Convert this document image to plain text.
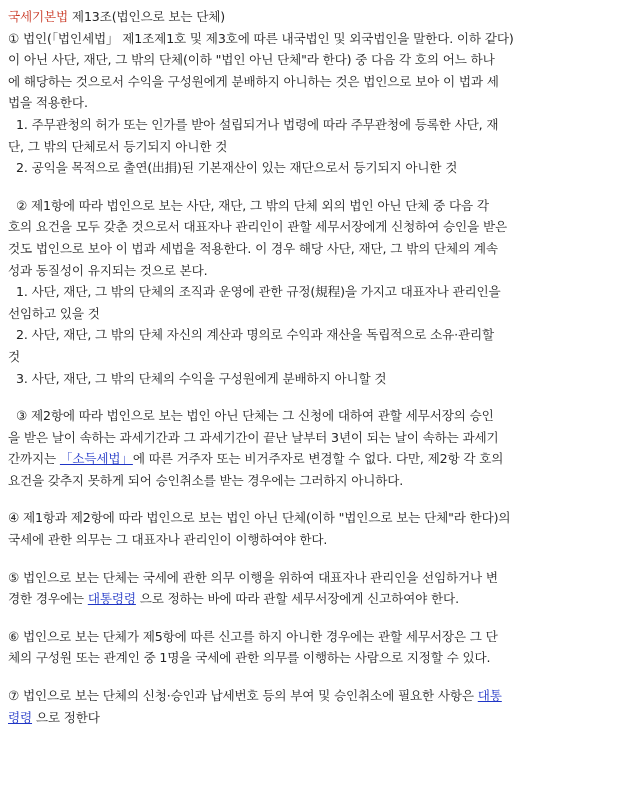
국세기본법 제13조(법인으로 보는 단체)
① 법인(「법인세법」 제1조제1호 및 제3호에 따른 내국법인 및 외국법인을 말한다. 이하 같다)
이 아닌 사단, 재단, 그 밖의 단체(이하 "법인 아닌 단체"라 한다) 중 다음 각 호의 어느 하나
에 해당하는 것으로서 수익을 구성원에게 분배하지 아니하는 것은 법인으로 보아 이 법과 세
법을 적용한다.
1. 주무관청의 허가 또는 인가를 받아 설립되거나 법령에 따라 주무관청에 등록한 사단, 재
단, 그 밖의 단체로서 등기되지 아니한 것
2. 공익을 목적으로 출연(出捐)된 기본재산이 있는 재단으로서 등기되지 아니한 것
② 제1항에 따라 법인으로 보는 사단, 재단, 그 밖의 단체 외의 법인 아닌 단체 중 다음 각
호의 요건을 모두 갖춘 것으로서 대표자나 관리인이 관할 세무서장에게 신청하여 승인을 받은
것도 법인으로 보아 이 법과 세법을 적용한다. 이 경우 해당 사단, 재단, 그 밖의 단체의 계속
성과 동질성이 유지되는 것으로 본다.
1. 사단, 재단, 그 밖의 단체의 조직과 운영에 관한 규정(規程)을 가지고 대표자나 관리인을
선임하고 있을 것
2. 사단, 재단, 그 밖의 단체 자신의 계산과 명의로 수익과 재산을 독립적으로 소유·관리할
것
3. 사단, 재단, 그 밖의 단체의 수익을 구성원에게 분배하지 아니할 것
③ 제2항에 따라 법인으로 보는 법인 아닌 단체는 그 신청에 대하여 관할 세무서장의 승인
을 받은 날이 속하는 과세기간과 그 과세기간이 끝난 날부터 3년이 되는 날이 속하는 과세기
간까지는 「소득세법」에 따른 거주자 또는 비거주자로 변경할 수 없다. 다만, 제2항 각 호의
요건을 갖추지 못하게 되어 승인취소를 받는 경우에는 그러하지 아니하다.
④ 제1항과 제2항에 따라 법인으로 보는 법인 아닌 단체(이하 "법인으로 보는 단체"라 한다)의
국세에 관한 의무는 그 대표자나 관리인이 이행하여야 한다.
⑤ 법인으로 보는 단체는 국세에 관한 의무 이행을 위하여 대표자나 관리인을 선임하거나 변
경한 경우에는 대통령령 으로 정하는 바에 따라 관할 세무서장에게 신고하여야 한다.
⑥ 법인으로 보는 단체가 제5항에 따른 신고를 하지 아니한 경우에는 관할 세무서장은 그 단
체의 구성원 또는 관계인 중 1명을 국세에 관한 의무를 이행하는 사람으로 지정할 수 있다.
⑦ 법인으로 보는 단체의 신청·승인과 납세번호 등의 부여 및 승인취소에 필요한 사항은 대통
령령 으로 정한다
